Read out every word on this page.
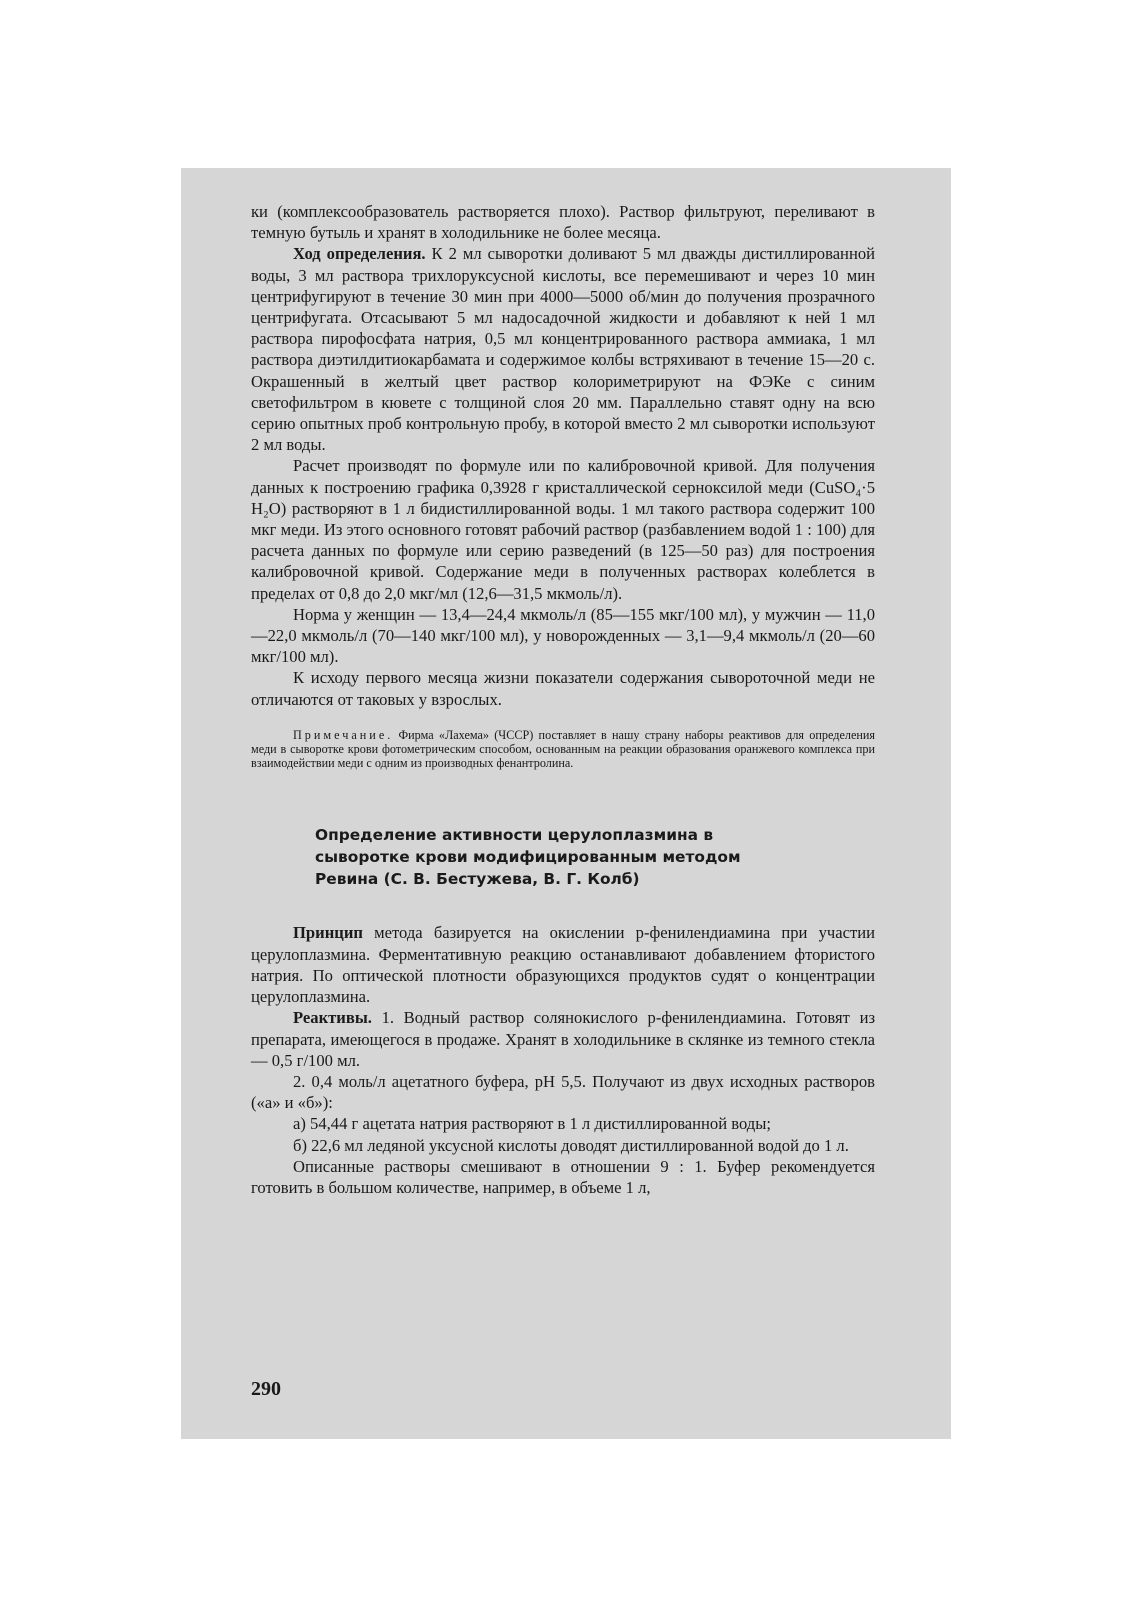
ки (комплексообразователь растворяется плохо). Раствор фильтруют, переливают в темную бутыль и хранят в холодильнике не более месяца.

Ход определения. К 2 мл сыворотки доливают 5 мл дважды дистиллированной воды, 3 мл раствора трихлоруксусной кислоты, все перемешивают и через 10 мин центрифугируют в течение 30 мин при 4000—5000 об/мин до получения прозрачного центрифугата. Отсасывают 5 мл надосадочной жидкости и добавляют к ней 1 мл раствора пирофосфата натрия, 0,5 мл концентрированного раствора аммиака, 1 мл раствора диэтилдитиокарбамата и содержимое колбы встряхивают в течение 15—20 с. Окрашенный в желтый цвет раствор колориметрируют на ФЭКе с синим светофильтром в кювете с толщиной слоя 20 мм. Параллельно ставят одну на всю серию опытных проб контрольную пробу, в которой вместо 2 мл сыворотки используют 2 мл воды.

Расчет производят по формуле или по калибровочной кривой. Для получения данных к построению графика 0,3928 г кристаллической серноксилой меди (CuSO₄·5 H₂O) растворяют в 1 л бидистиллированной воды. 1 мл такого раствора содержит 100 мкг меди. Из этого основного готовят рабочий раствор (разбавлением водой 1 : 100) для расчета данных по формуле или серию разведений (в 125—50 раз) для построения калибровочной кривой. Содержание меди в полученных растворах колеблется в пределах от 0,8 до 2,0 мкг/мл (12,6—31,5 мкмоль/л).

Норма у женщин — 13,4—24,4 мкмоль/л (85—155 мкг/100 мл), у мужчин — 11,0—22,0 мкмоль/л (70—140 мкг/100 мл), у новорожденных — 3,1—9,4 мкмоль/л (20—60 мкг/100 мл).

К исходу первого месяца жизни показатели содержания сывороточной меди не отличаются от таковых у взрослых.

Примечание. Фирма «Лахема» (ЧССР) поставляет в нашу страну наборы реактивов для определения меди в сыворотке крови фотометрическим способом, основанным на реакции образования оранжевого комплекса при взаимодействии меди с одним из производных фенантролина.

Определение активности церулоплазмина в сыворотке крови модифицированным методом Ревина (С. В. Бестужева, В. Г. Колб)

Принцип метода базируется на окислении р-фенилендиамина при участии церулоплазмина. Ферментативную реакцию останавливают добавлением фтористого натрия. По оптической плотности образующихся продуктов судят о концентрации церулоплазмина.

Реактивы. 1. Водный раствор солянокислого р-фенилендиамина. Готовят из препарата, имеющегося в продаже. Хранят в холодильнике в склянке из темного стекла — 0,5 г/100 мл.

2. 0,4 моль/л ацетатного буфера, pH 5,5. Получают из двух исходных растворов («а» и «б»):

а) 54,44 г ацетата натрия растворяют в 1 л дистиллированной воды;

б) 22,6 мл ледяной уксусной кислоты доводят дистиллированной водой до 1 л.

Описанные растворы смешивают в отношении 9 : 1. Буфер рекомендуется готовить в большом количестве, например, в объеме 1 л,

290
